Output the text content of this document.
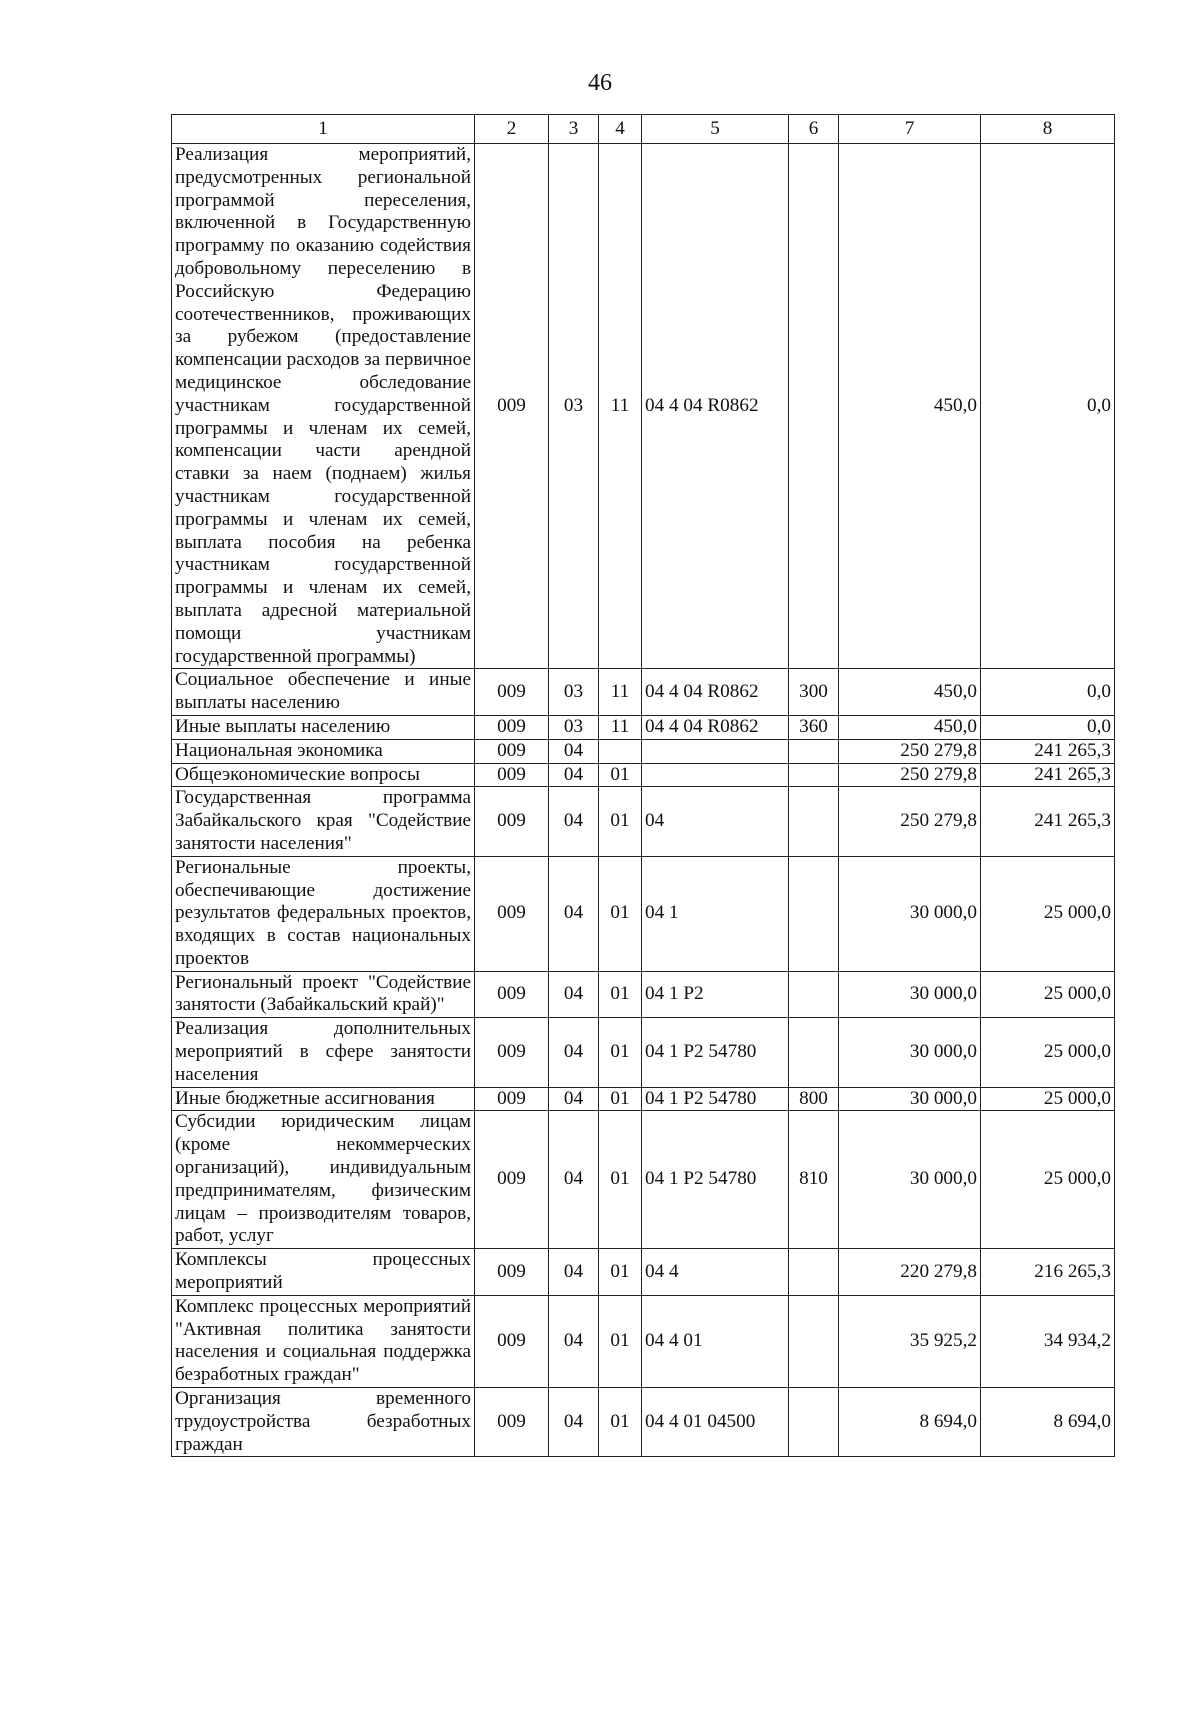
46
1	2	3	4	5	6	7	8
Реализация мероприятий, предусмотренных региональной программой переселения, включенной в Государственную программу по оказанию содействия добровольному переселению в Российскую Федерацию соотечественников, проживающих за рубежом (предоставление компенсации расходов за первичное медицинское обследование участникам государственной программы и членам их семей, компенсации части арендной ставки за наем (поднаем) жилья участникам государственной программы и членам их семей, выплата пособия на ребенка участникам государственной программы и членам их семей, выплата адресной материальной помощи участникам государственной программы)	009	03	11	04 4 04 R0862		450,0	0,0
Социальное обеспечение и иные выплаты населению	009	03	11	04 4 04 R0862	300	450,0	0,0
Иные выплаты населению	009	03	11	04 4 04 R0862	360	450,0	0,0
Национальная экономика	009	04				250 279,8	241 265,3
Общеэкономические вопросы	009	04	01			250 279,8	241 265,3
Государственная программа Забайкальского края "Содействие занятости населения"	009	04	01	04		250 279,8	241 265,3
Региональные проекты, обеспечивающие достижение результатов федеральных проектов, входящих в состав национальных проектов	009	04	01	04 1		30 000,0	25 000,0
Региональный проект "Содействие занятости (Забайкальский край)"	009	04	01	04 1 P2		30 000,0	25 000,0
Реализация дополнительных мероприятий в сфере занятости населения	009	04	01	04 1 P2 54780		30 000,0	25 000,0
Иные бюджетные ассигнования	009	04	01	04 1 P2 54780	800	30 000,0	25 000,0
Субсидии юридическим лицам (кроме некоммерческих организаций), индивидуальным предпринимателям, физическим лицам – производителям товаров, работ, услуг	009	04	01	04 1 P2 54780	810	30 000,0	25 000,0
Комплексы процессных мероприятий	009	04	01	04 4		220 279,8	216 265,3
Комплекс процессных мероприятий "Активная политика занятости населения и социальная поддержка безработных граждан"	009	04	01	04 4 01		35 925,2	34 934,2
Организация временного трудоустройства безработных граждан	009	04	01	04 4 01 04500		8 694,0	8 694,0
